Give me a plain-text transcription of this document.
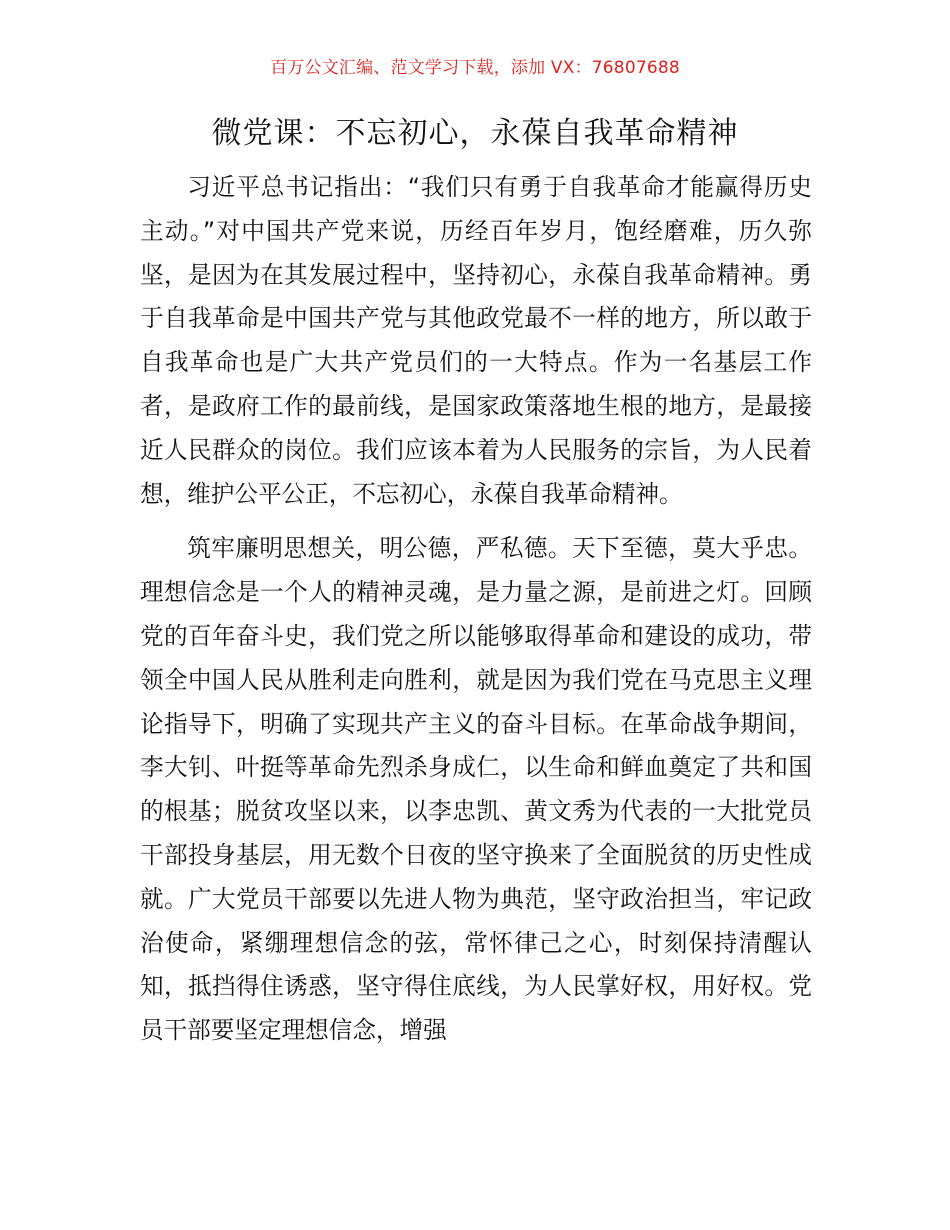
百万公文汇编、范文学习下载，添加 VX：76807688
微党课：不忘初心，永葆自我革命精神

习近平总书记指出：“我们只有勇于自我革命才能赢得历史主动。”对中国共产党来说，历经百年岁月，饱经磨难，历久弥坚，是因为在其发展过程中，坚持初心，永葆自我革命精神。勇于自我革命是中国共产党与其他政党最不一样的地方，所以敢于自我革命也是广大共产党员们的一大特点。作为一名基层工作者，是政府工作的最前线，是国家政策落地生根的地方，是最接近人民群众的岗位。我们应该本着为人民服务的宗旨，为人民着想，维护公平公正，不忘初心，永葆自我革命精神。

筑牢廉明思想关，明公德，严私德。天下至德，莫大乎忠。理想信念是一个人的精神灵魂，是力量之源，是前进之灯。回顾党的百年奋斗史，我们党之所以能够取得革命和建设的成功，带领全中国人民从胜利走向胜利，就是因为我们党在马克思主义理论指导下，明确了实现共产主义的奋斗目标。在革命战争期间，李大钊、叶挺等革命先烈杀身成仁，以生命和鲜血奠定了共和国的根基；脱贫攻坚以来，以李忠凯、黄文秀为代表的一大批党员干部投身基层，用无数个日夜的坚守换来了全面脱贫的历史性成就。广大党员干部要以先进人物为典范，坚守政治担当，牢记政治使命，紧绷理想信念的弦，常怀律己之心，时刻保持清醒认知，抵挡得住诱惑，坚守得住底线，为人民掌好权，用好权。党员干部要坚定理想信念，增强
